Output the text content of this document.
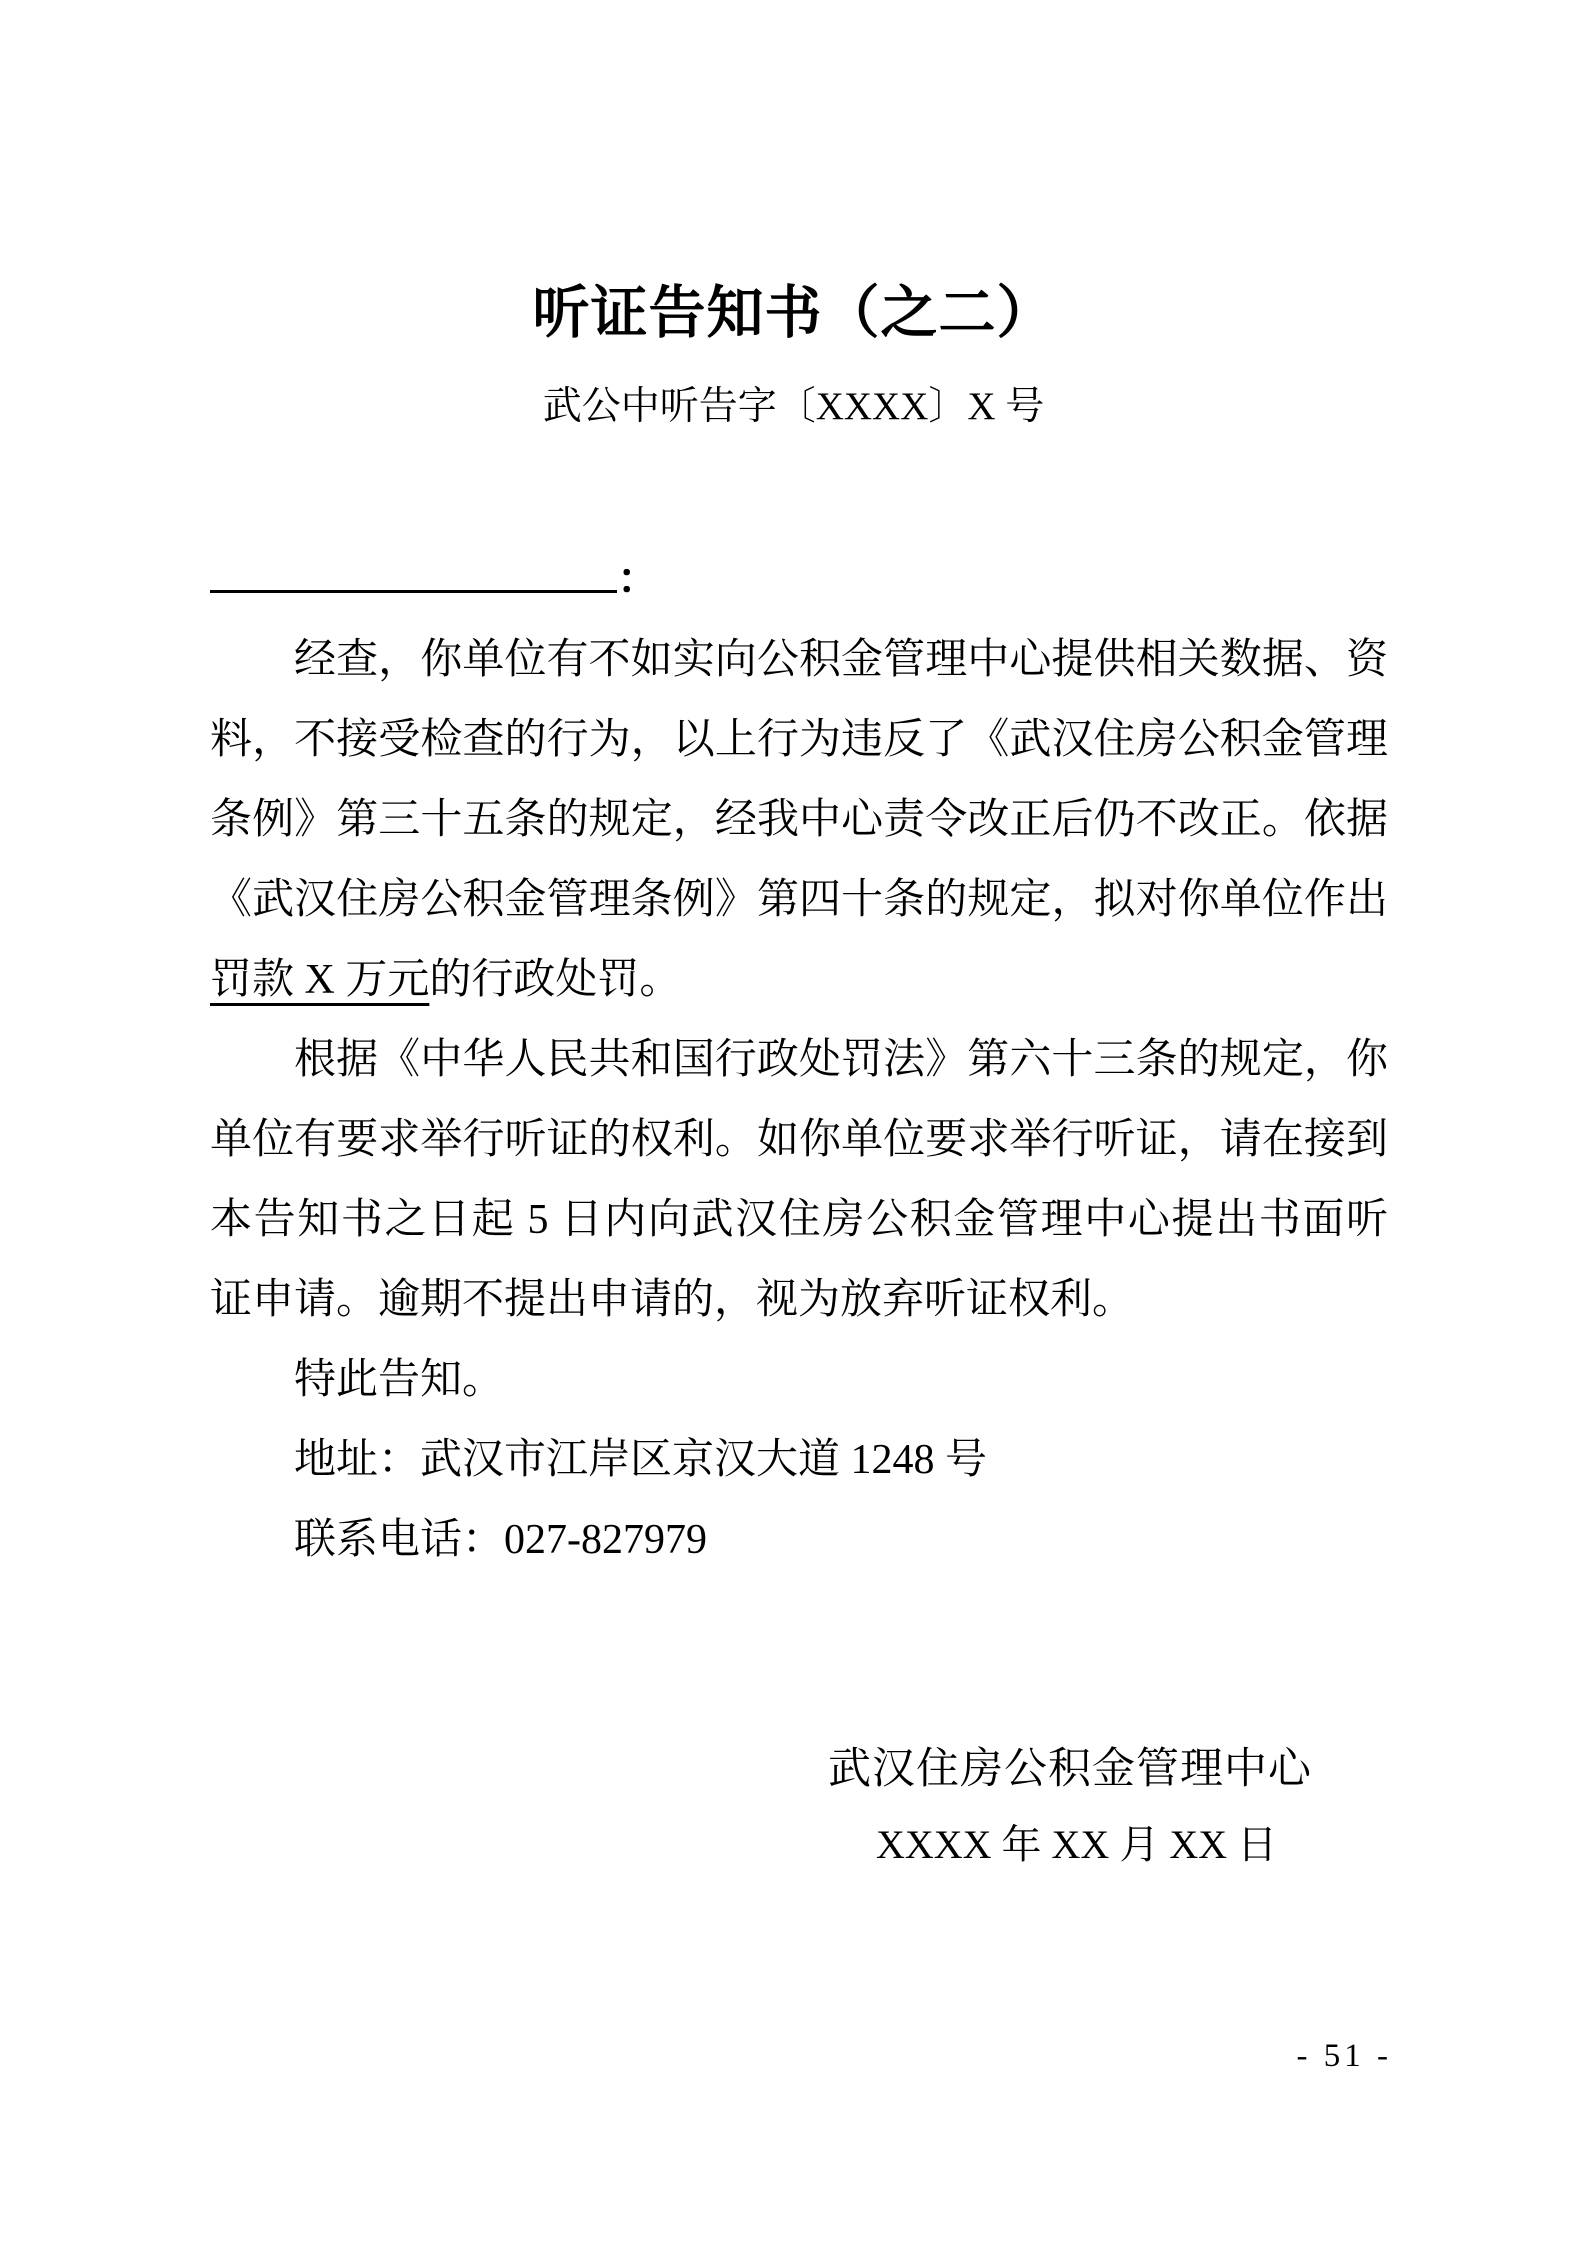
听证告知书（之二）
武公中听告字〔XXXX〕X 号
：
经查，你单位有不如实向公积金管理中心提供相关数据、资
料，不接受检查的行为，以上行为违反了《武汉住房公积金管理
条例》第三十五条的规定，经我中心责令改正后仍不改正。依据
《武汉住房公积金管理条例》第四十条的规定，拟对你单位作出
罚款 X 万元的行政处罚。
根据《中华人民共和国行政处罚法》第六十三条的规定，你
单位有要求举行听证的权利。如你单位要求举行听证，请在接到
本告知书之日起 5 日内向武汉住房公积金管理中心提出书面听
证申请。逾期不提出申请的，视为放弃听证权利。
特此告知。
地址：武汉市江岸区京汉大道 1248 号
联系电话：027-827979
武汉住房公积金管理中心
XXXX 年 XX 月 XX 日
- 51 -
